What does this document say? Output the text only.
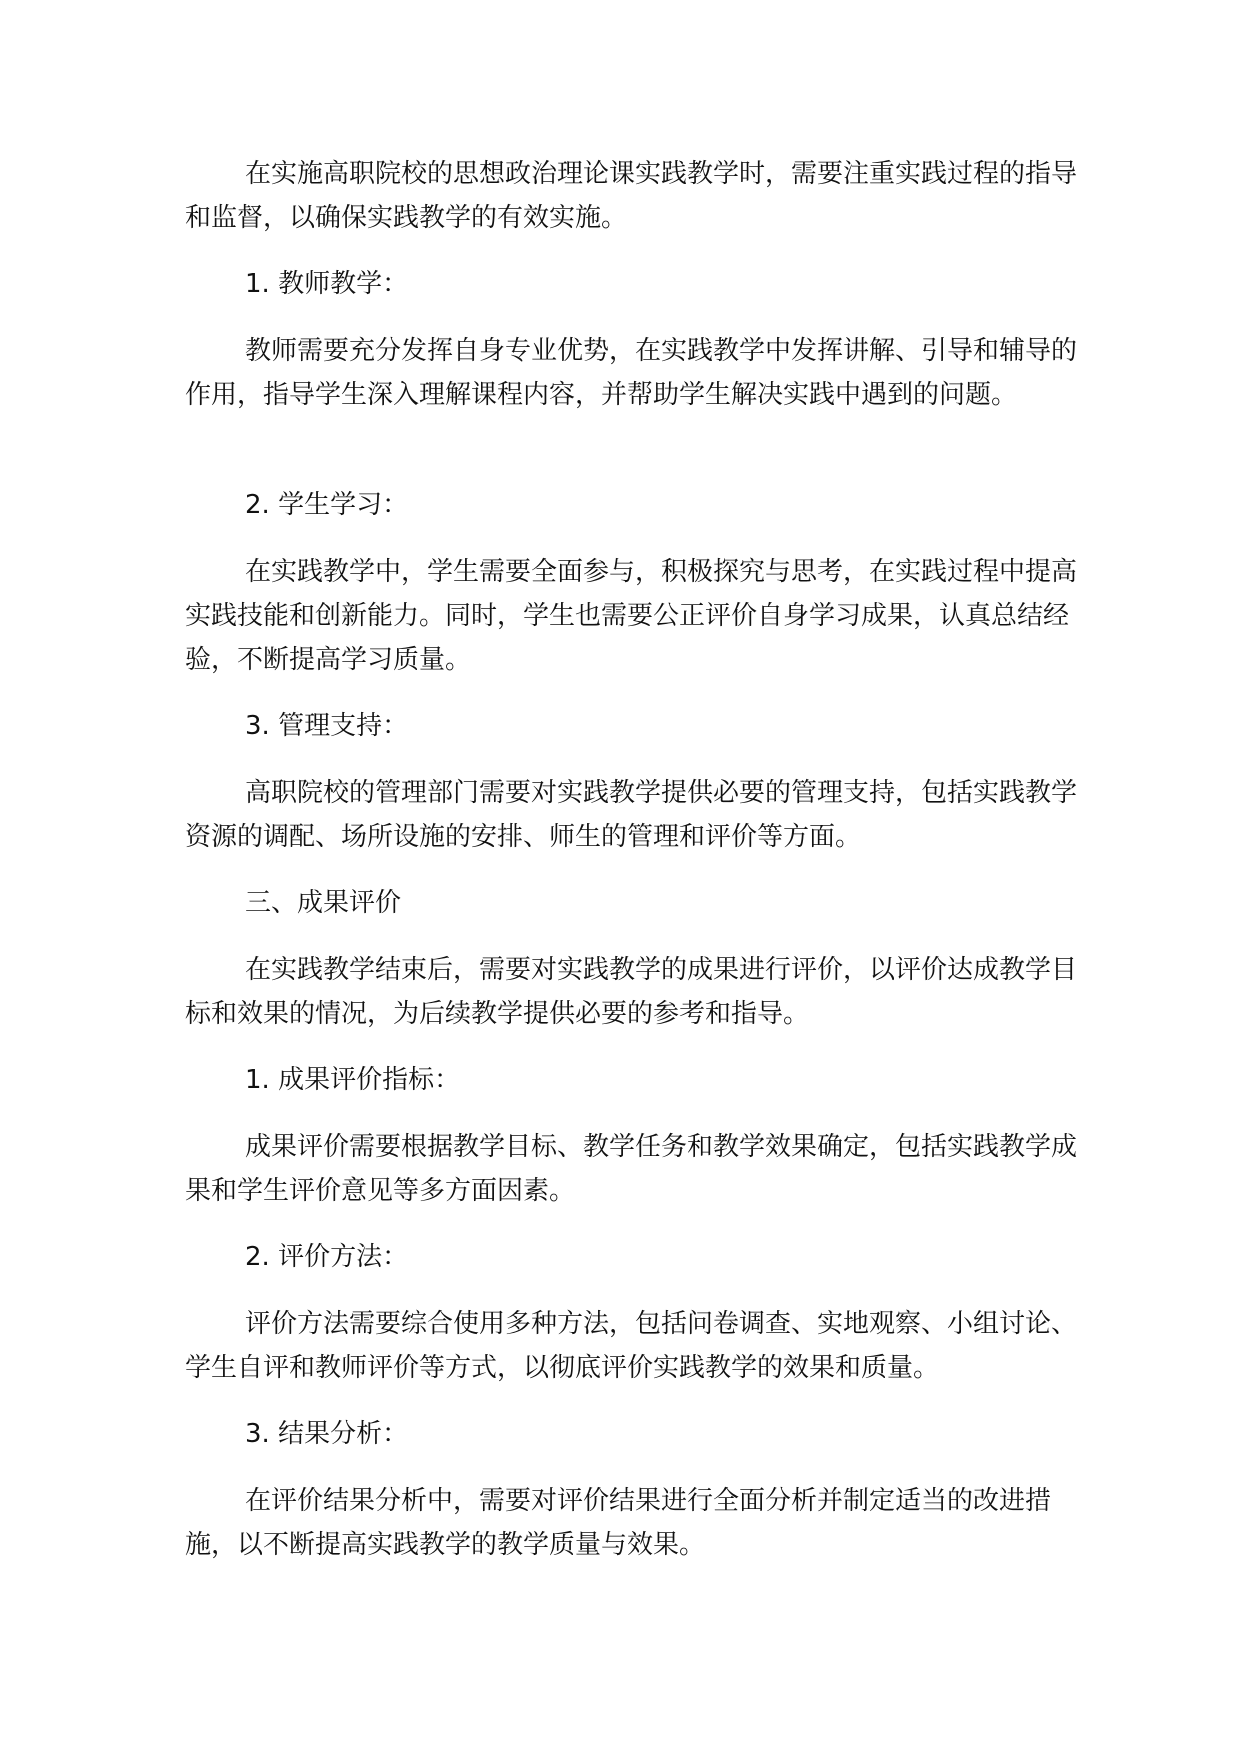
在实施高职院校的思想政治理论课实践教学时，需要注重实践过程的指导和监督，以确保实践教学的有效实施。
1. 教师教学：
教师需要充分发挥自身专业优势，在实践教学中发挥讲解、引导和辅导的作用，指导学生深入理解课程内容，并帮助学生解决实践中遇到的问题。
2. 学生学习：
在实践教学中，学生需要全面参与，积极探究与思考，在实践过程中提高实践技能和创新能力。同时，学生也需要公正评价自身学习成果，认真总结经验，不断提高学习质量。
3. 管理支持：
高职院校的管理部门需要对实践教学提供必要的管理支持，包括实践教学资源的调配、场所设施的安排、师生的管理和评价等方面。
三、成果评价
在实践教学结束后，需要对实践教学的成果进行评价，以评价达成教学目标和效果的情况，为后续教学提供必要的参考和指导。
1. 成果评价指标：
成果评价需要根据教学目标、教学任务和教学效果确定，包括实践教学成果和学生评价意见等多方面因素。
2. 评价方法：
评价方法需要综合使用多种方法，包括问卷调查、实地观察、小组讨论、学生自评和教师评价等方式，以彻底评价实践教学的效果和质量。
3. 结果分析：
在评价结果分析中，需要对评价结果进行全面分析并制定适当的改进措施，以不断提高实践教学的教学质量与效果。
